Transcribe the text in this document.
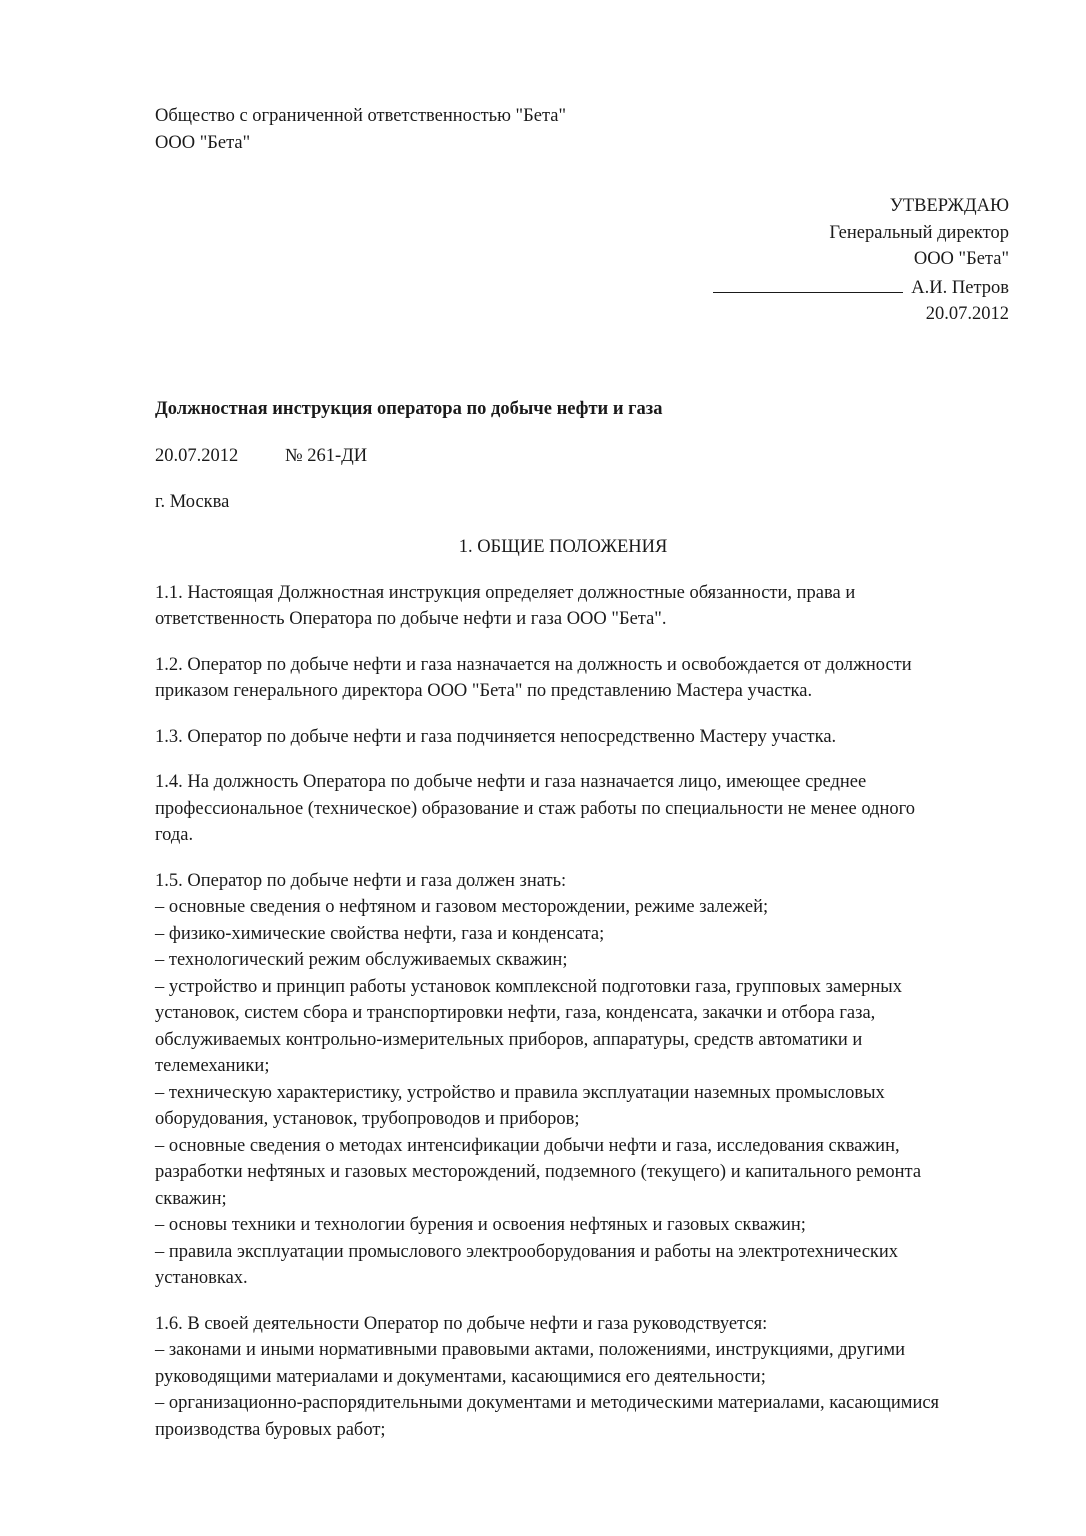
Общество с ограниченной ответственностью "Бета"
ООО "Бета"
УТВЕРЖДАЮ
Генеральный директор
ООО "Бета"
А.И. Петров
20.07.2012
Должностная инструкция оператора по добыче нефти и газа
20.07.2012	№ 261-ДИ
г. Москва
1. ОБЩИЕ ПОЛОЖЕНИЯ
1.1. Настоящая Должностная инструкция определяет должностные обязанности, права и
ответственность Оператора по добыче нефти и газа ООО "Бета".
1.2. Оператор по добыче нефти и газа назначается на должность и освобождается от должности
приказом генерального директора ООО "Бета" по представлению Мастера участка.
1.3. Оператор по добыче нефти и газа подчиняется непосредственно Мастеру участка.
1.4. На должность Оператора по добыче нефти и газа назначается лицо, имеющее среднее
профессиональное (техническое) образование и стаж работы по специальности не менее одного
года.
1.5. Оператор по добыче нефти и газа должен знать:
– основные сведения о нефтяном и газовом месторождении, режиме залежей;
– физико-химические свойства нефти, газа и конденсата;
– технологический режим обслуживаемых скважин;
– устройство и принцип работы установок комплексной подготовки газа, групповых замерных
установок, систем сбора и транспортировки нефти, газа, конденсата, закачки и отбора газа,
обслуживаемых контрольно-измерительных приборов, аппаратуры, средств автоматики и
телемеханики;
– техническую характеристику, устройство и правила эксплуатации наземных промысловых
оборудования, установок, трубопроводов и приборов;
– основные сведения о методах интенсификации добычи нефти и газа, исследования скважин,
разработки нефтяных и газовых месторождений, подземного (текущего) и капитального ремонта
скважин;
– основы техники и технологии бурения и освоения нефтяных и газовых скважин;
– правила эксплуатации промыслового электрооборудования и работы на электротехнических
установках.
1.6. В своей деятельности Оператор по добыче нефти и газа руководствуется:
– законами и иными нормативными правовыми актами, положениями, инструкциями, другими
руководящими материалами и документами, касающимися его деятельности;
– организационно-распорядительными документами и методическими материалами, касающимися
производства буровых работ;
